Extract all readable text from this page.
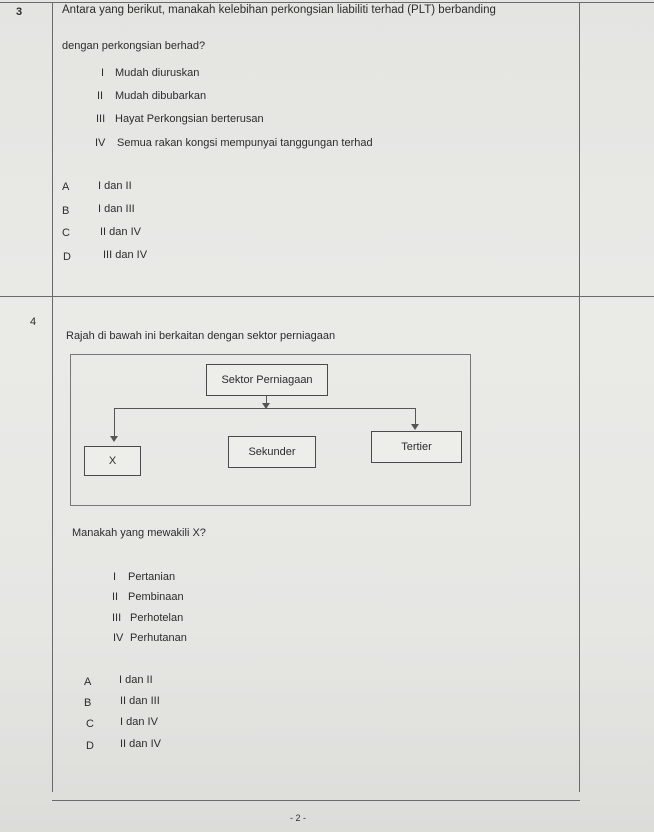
3	Antara yang berikut, manakah kelebihan perkongsian liabiliti terhad (PLT) berbanding
dengan perkongsian berhad?
I Mudah diuruskan
II Mudah dibubarkan
III Hayat Perkongsian berterusan
IV Semua rakan kongsi mempunyai tanggungan terhad
A	I dan II
B	I dan III
C	II dan IV
D	III dan IV
4
Rajah di bawah ini berkaitan dengan sektor perniagaan
Sektor Perniagaan
X
Sekunder	Tertier
Manakah yang mewakili X?
I Pertanian
II Pembinaan
III Perhotelan
IV Perhutanan
A	I dan II
B	II dan III
C I dan IV
D II dan IV
- 2 -
